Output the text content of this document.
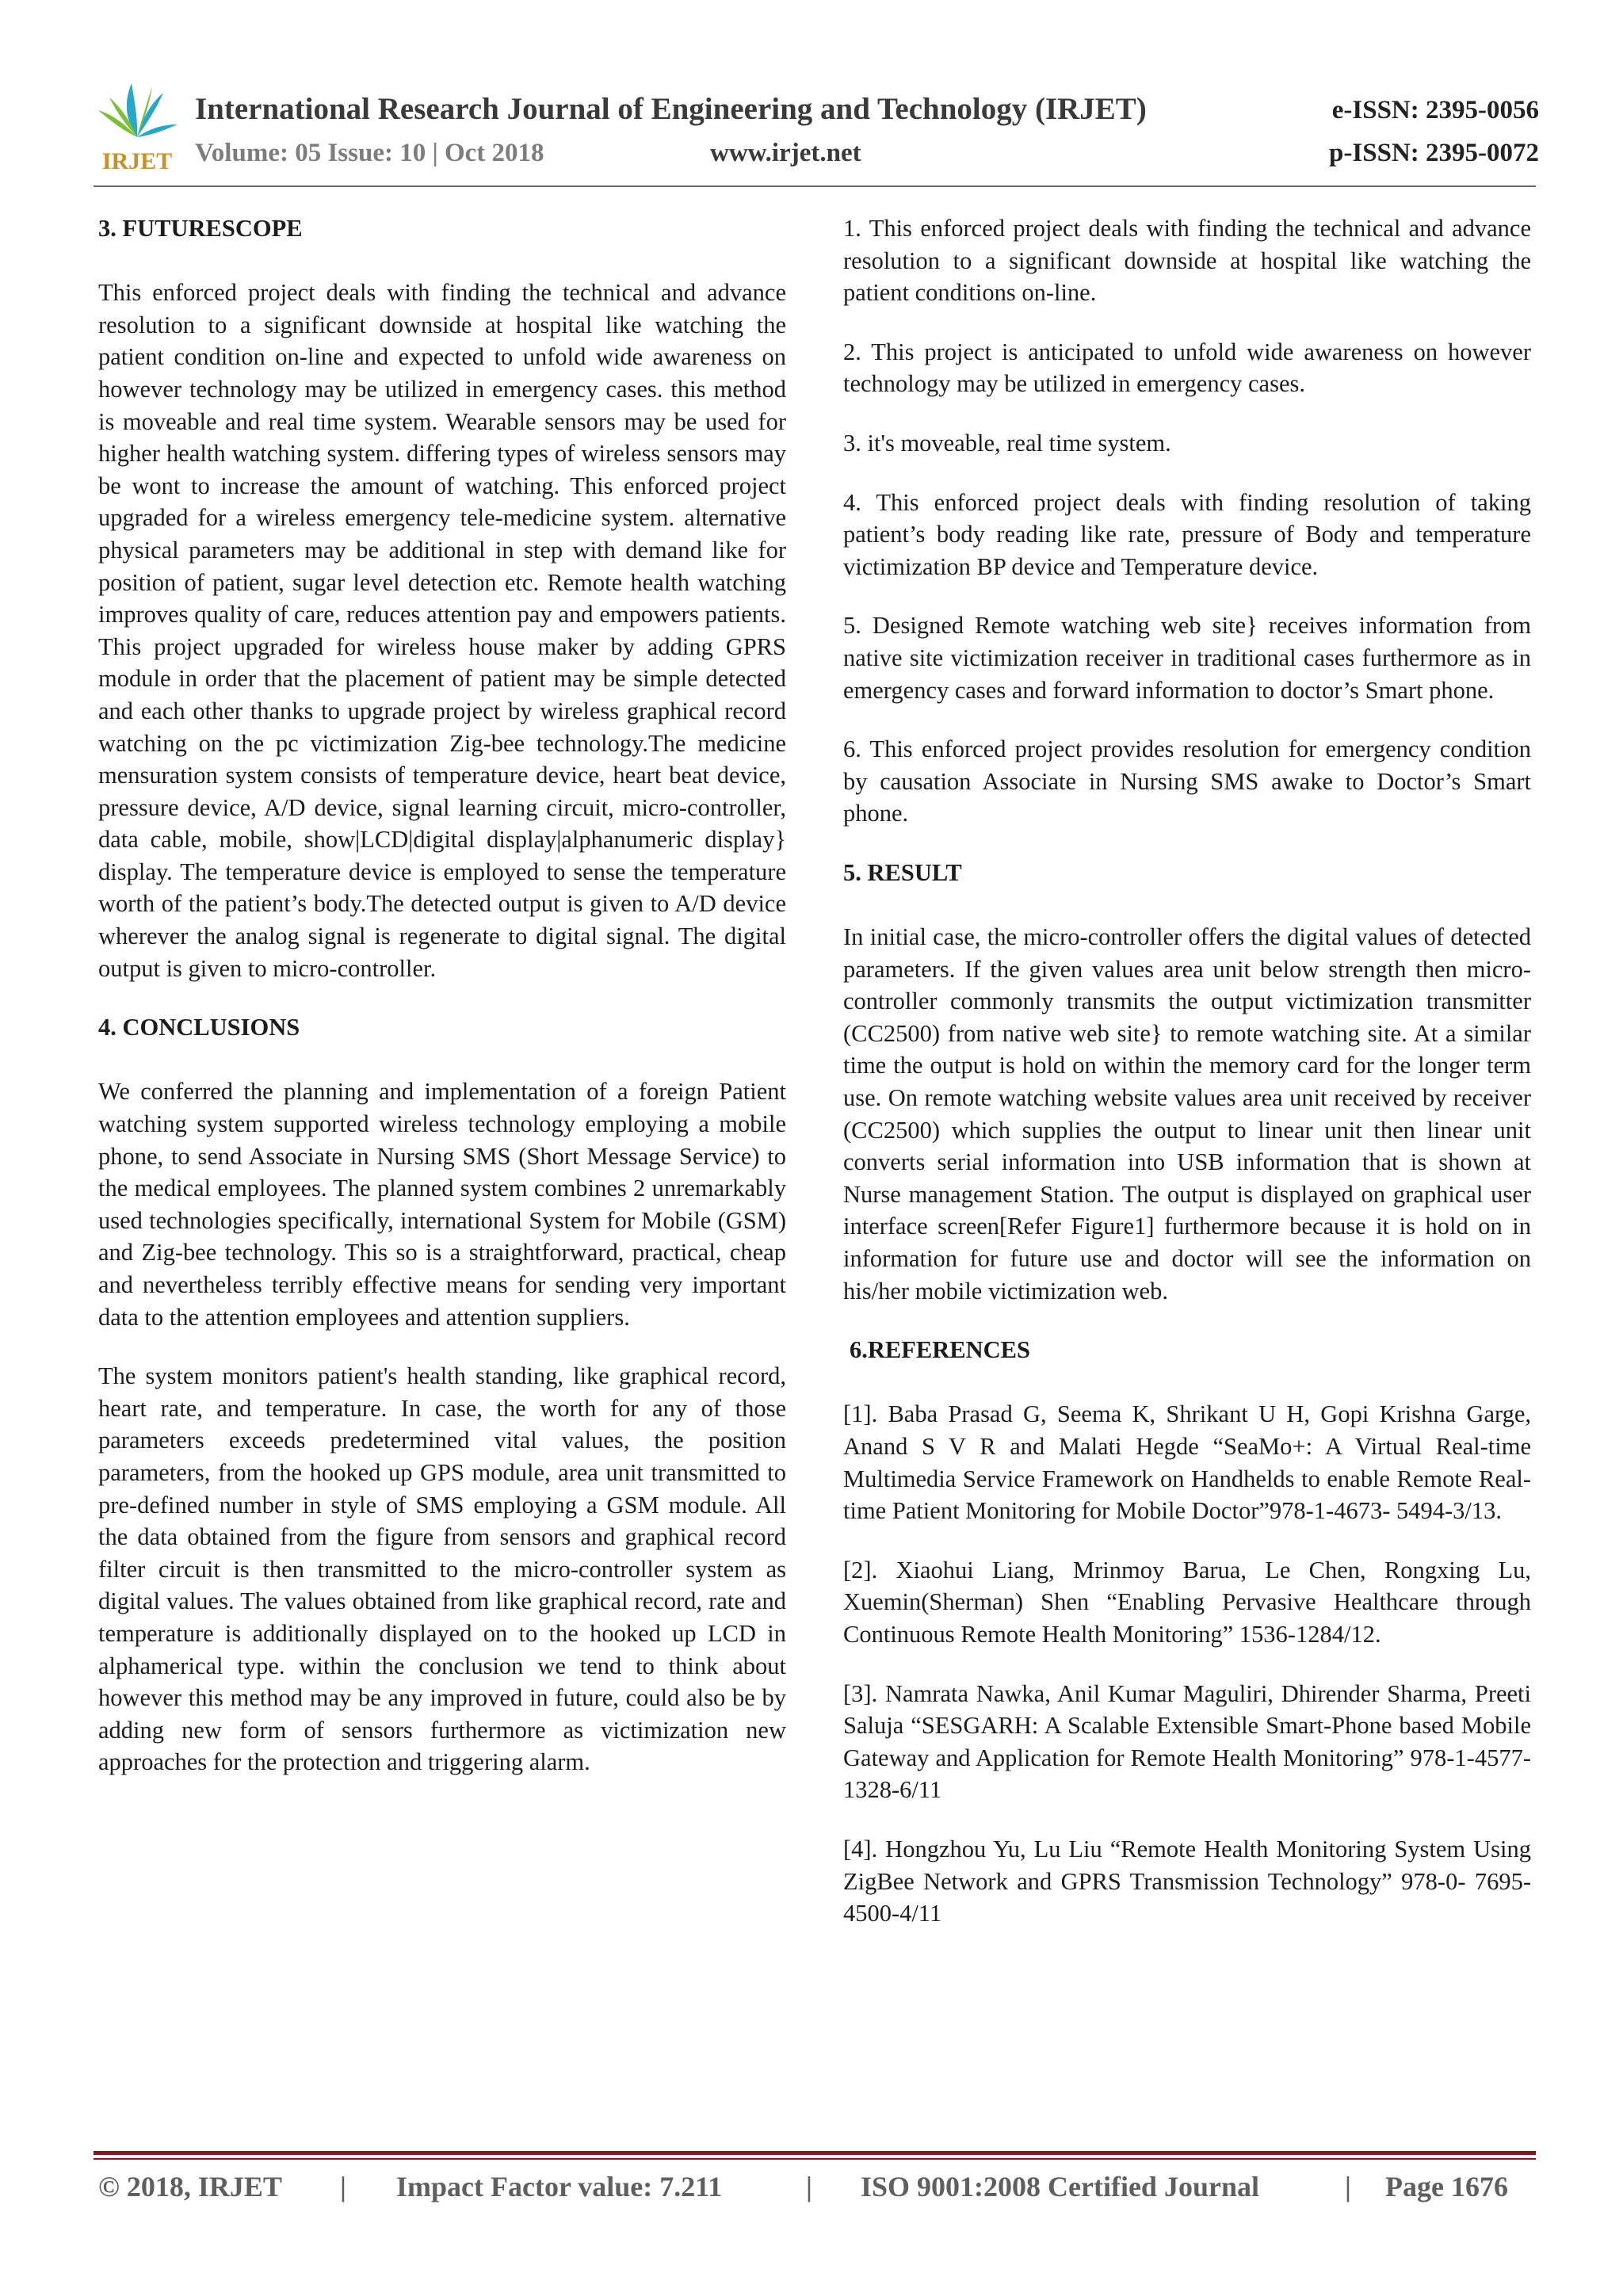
IRJET
International Research Journal of Engineering and Technology (IRJET)
Volume: 05 Issue: 10 | Oct 2018	www.irjet.net
e-ISSN: 2395-0056
p-ISSN: 2395-0072
3. FUTURESCOPE

This enforced project deals with finding the technical and advance resolution to a significant downside at hospital like watching the patient condition on-line and expected to unfold wide awareness on however technology may be utilized in emergency cases. this method is moveable and real time system. Wearable sensors may be used for higher health watching system. differing types of wireless sensors may be wont to increase the amount of watching. This enforced project upgraded for a wireless emergency tele-medicine system. alternative physical parameters may be additional in step with demand like for position of patient, sugar level detection etc. Remote health watching improves quality of care, reduces attention pay and empowers patients. This project upgraded for wireless house maker by adding GPRS module in order that the placement of patient may be simple detected and each other thanks to upgrade project by wireless graphical record watching on the pc victimization Zig-bee technology.The medicine mensuration system consists of temperature device, heart beat device, pressure device, A/D device, signal learning circuit, micro-controller, data cable, mobile, show|LCD|digital display|alphanumeric display} display. The temperature device is employed to sense the temperature worth of the patient’s body.The detected output is given to A/D device wherever the analog signal is regenerate to digital signal. The digital output is given to micro-controller.

4. CONCLUSIONS

We conferred the planning and implementation of a foreign Patient watching system supported wireless technology employing a mobile phone, to send Associate in Nursing SMS (Short Message Service) to the medical employees. The planned system combines 2 unremarkably used technologies specifically, international System for Mobile (GSM) and Zig-bee technology. This so is a straightforward, practical, cheap and nevertheless terribly effective means for sending very important data to the attention employees and attention suppliers.

The system monitors patient's health standing, like graphical record, heart rate, and temperature. In case, the worth for any of those parameters exceeds predetermined vital values, the position parameters, from the hooked up GPS module, area unit transmitted to pre-defined number in style of SMS employing a GSM module. All the data obtained from the figure from sensors and graphical record filter circuit is then transmitted to the micro-controller system as digital values. The values obtained from like graphical record, rate and temperature is additionally displayed on to the hooked up LCD in alphamerical type. within the conclusion we tend to think about however this method may be any improved in future, could also be by adding new form of sensors furthermore as victimization new approaches for the protection and triggering alarm.

1. This enforced project deals with finding the technical and advance resolution to a significant downside at hospital like watching the patient conditions on-line.

2. This project is anticipated to unfold wide awareness on however technology may be utilized in emergency cases.

3. it's moveable, real time system.

4. This enforced project deals with finding resolution of taking patient’s body reading like rate, pressure of Body and temperature victimization BP device and Temperature device.

5. Designed Remote watching web site} receives information from native site victimization receiver in traditional cases furthermore as in emergency cases and forward information to doctor’s Smart phone.

6. This enforced project provides resolution for emergency condition by causation Associate in Nursing SMS awake to Doctor’s Smart phone.

5. RESULT

In initial case, the micro-controller offers the digital values of detected parameters. If the given values area unit below strength then micro-controller commonly transmits the output victimization transmitter (CC2500) from native web site} to remote watching site. At a similar time the output is hold on within the memory card for the longer term use. On remote watching website values area unit received by receiver (CC2500) which supplies the output to linear unit then linear unit converts serial information into USB information that is shown at Nurse management Station. The output is displayed on graphical user interface screen[Refer Figure1] furthermore because it is hold on in information for future use and doctor will see the information on his/her mobile victimization web.

6.REFERENCES

[1]. Baba Prasad G, Seema K, Shrikant U H, Gopi Krishna Garge, Anand S V R and Malati Hegde “SeaMo+: A Virtual Real-time Multimedia Service Framework on Handhelds to enable Remote Real-time Patient Monitoring for Mobile Doctor”978-1-4673- 5494-3/13.

[2]. Xiaohui Liang, Mrinmoy Barua, Le Chen, Rongxing Lu, Xuemin(Sherman) Shen “Enabling Pervasive Healthcare through Continuous Remote Health Monitoring” 1536-1284/12.

[3]. Namrata Nawka, Anil Kumar Maguliri, Dhirender Sharma, Preeti Saluja “SESGARH: A Scalable Extensible Smart-Phone based Mobile Gateway and Application for Remote Health Monitoring” 978-1-4577-1328-6/11

[4]. Hongzhou Yu, Lu Liu “Remote Health Monitoring System Using ZigBee Network and GPRS Transmission Technology” 978-0- 7695-4500-4/11

© 2018, IRJET | Impact Factor value: 7.211	| ISO 9001:2008 Certified Journal	| Page 1676
